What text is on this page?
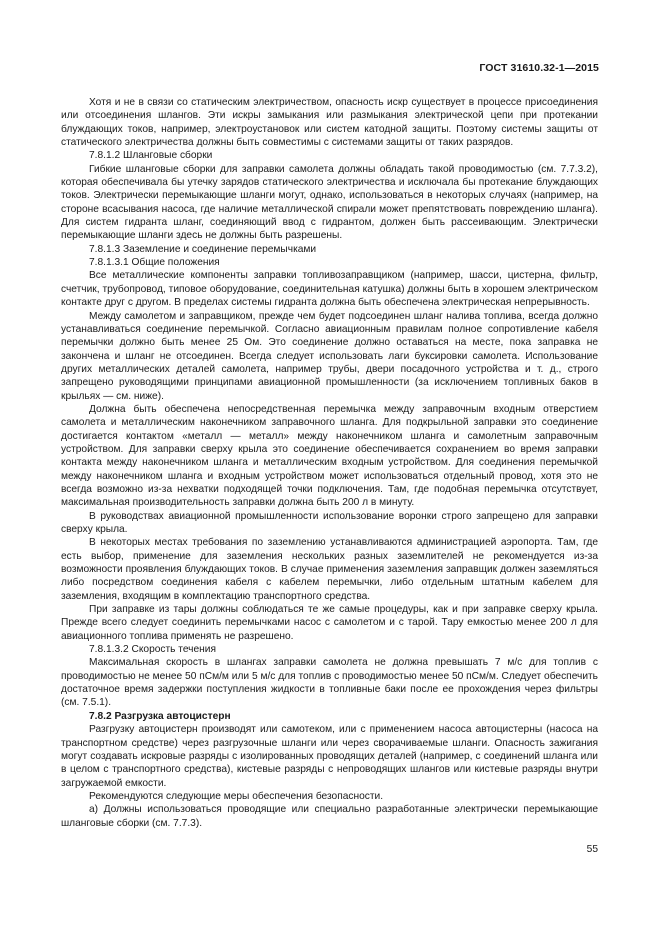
ГОСТ 31610.32-1—2015

Хотя и не в связи со статическим электричеством, опасность искр существует в процессе присоединения или отсоединения шлангов. Эти искры замыкания или размыкания электрической цепи при протекании блуждающих токов, например, электроустановок или систем катодной защиты. Поэтому системы защиты от статического электричества должны быть совместимы с системами защиты от таких разрядов.

7.8.1.2 Шланговые сборки

Гибкие шланговые сборки для заправки самолета должны обладать такой проводимостью (см. 7.7.3.2), которая обеспечивала бы утечку зарядов статического электричества и исключала бы протекание блуждающих токов. Электрически перемыкающие шланги могут, однако, использоваться в некоторых случаях (например, на стороне всасывания насоса, где наличие металлической спирали может препятствовать повреждению шланга). Для систем гидранта шланг, соединяющий ввод с гидрантом, должен быть рассеивающим. Электрически перемыкающие шланги здесь не должны быть разрешены.

7.8.1.3 Заземление и соединение перемычками

7.8.1.3.1 Общие положения

Все металлические компоненты заправки топливозаправщиком (например, шасси, цистерна, фильтр, счетчик, трубопровод, типовое оборудование, соединительная катушка) должны быть в хорошем электрическом контакте друг с другом. В пределах системы гидранта должна быть обеспечена электрическая непрерывность.

Между самолетом и заправщиком, прежде чем будет подсоединен шланг налива топлива, всегда должно устанавливаться соединение перемычкой. Согласно авиационным правилам полное сопротивление кабеля перемычки должно быть менее 25 Ом. Это соединение должно оставаться на месте, пока заправка не закончена и шланг не отсоединен. Всегда следует использовать лаги буксировки самолета. Использование других металлических деталей самолета, например трубы, двери посадочного устройства и т. д., строго запрещено руководящими принципами авиационной промышленности (за исключением топливных баков в крыльях — см. ниже).

Должна быть обеспечена непосредственная перемычка между заправочным входным отверстием самолета и металлическим наконечником заправочного шланга. Для подкрыльной заправки это соединение достигается контактом «металл — металл» между наконечником шланга и самолетным заправочным устройством. Для заправки сверху крыла это соединение обеспечивается сохранением во время заправки контакта между наконечником шланга и металлическим входным устройством. Для соединения перемычкой между наконечником шланга и входным устройством может использоваться отдельный провод, хотя это не всегда возможно из-за нехватки подходящей точки подключения. Там, где подобная перемычка отсутствует, максимальная производительность заправки должна быть 200 л в минуту.

В руководствах авиационной промышленности использование воронки строго запрещено для заправки сверху крыла.

В некоторых местах требования по заземлению устанавливаются администрацией аэропорта. Там, где есть выбор, применение для заземления нескольких разных заземлителей не рекомендуется из-за возможности проявления блуждающих токов. В случае применения заземления заправщик должен заземляться либо посредством соединения кабеля с кабелем перемычки, либо отдельным штатным кабелем для заземления, входящим в комплектацию транспортного средства.

При заправке из тары должны соблюдаться те же самые процедуры, как и при заправке сверху крыла. Прежде всего следует соединить перемычками насос с самолетом и с тарой. Тару емкостью менее 200 л для авиационного топлива применять не разрешено.

7.8.1.3.2 Скорость течения

Максимальная скорость в шлангах заправки самолета не должна превышать 7 м/с для топлив с проводимостью не менее 50 пСм/м или 5 м/с для топлив с проводимостью менее 50 пСм/м. Следует обеспечить достаточное время задержки поступления жидкости в топливные баки после ее прохождения через фильтры (см. 7.5.1).

7.8.2 Разгрузка автоцистерн

Разгрузку автоцистерн производят или самотеком, или с применением насоса автоцистерны (насоса на транспортном средстве) через разгрузочные шланги или через сворачиваемые шланги. Опасность зажигания могут создавать искровые разряды с изолированных проводящих деталей (например, с соединений шланга или в целом с транспортного средства), кистевые разряды с непроводящих шлангов или кистевые разряды внутри загружаемой емкости.

Рекомендуются следующие меры обеспечения безопасности.

а) Должны использоваться проводящие или специально разработанные электрически перемыкающие шланговые сборки (см. 7.7.3).

55
